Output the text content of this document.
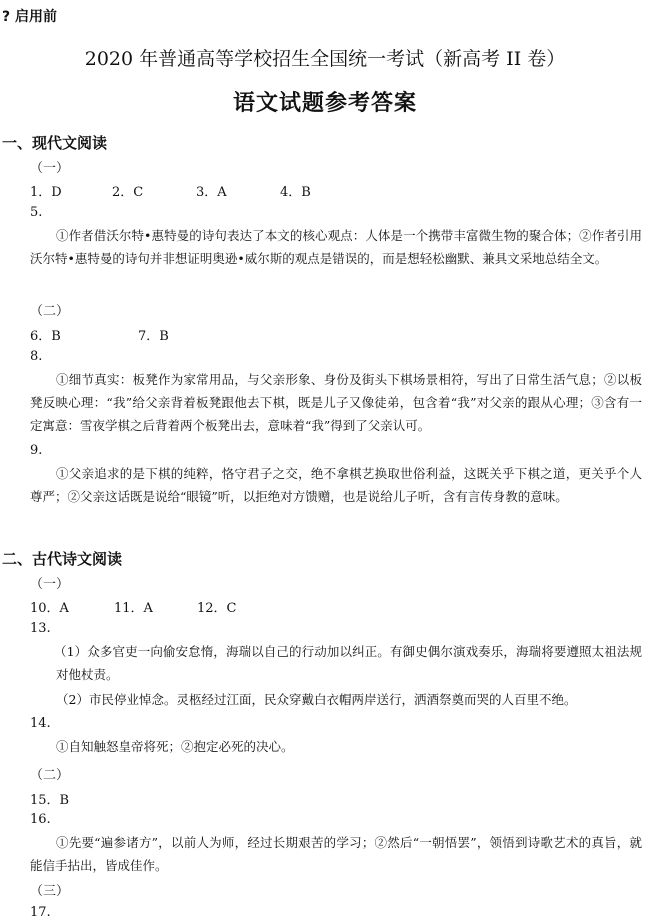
? 启用前
2020 年普通高等学校招生全国统一考试（新高考 II 卷）
语文试题参考答案
一、现代文阅读
（一）
1．D	2．C	3．A	4．B
5.
①作者借沃尔特•惠特曼的诗句表达了本文的核心观点：人体是一个携带丰富微生物的聚合体；②作者引用沃尔特•惠特曼的诗句并非想证明奥逊•威尔斯的观点是错误的，而是想轻松幽默、兼具文采地总结全文。
（二）
6．B	7．B
8.
①细节真实：板凳作为家常用品，与父亲形象、身份及街头下棋场景相符，写出了日常生活气息；②以板凳反映心理：“我”给父亲背着板凳跟他去下棋，既是儿子又像徒弟，包含着“我”对父亲的跟从心理；③含有一定寓意：雪夜学棋之后背着两个板凳出去，意味着“我”得到了父亲认可。
9.
①父亲追求的是下棋的纯粹，恪守君子之交，绝不拿棋艺换取世俗利益，这既关乎下棋之道，更关乎个人尊严；②父亲这话既是说给“眼镜”听，以拒绝对方馈赠，也是说给儿子听，含有言传身教的意味。
二、古代诗文阅读
（一）
10．A	11．A	12．C
13.
（1）众多官吏一向偷安怠惰，海瑞以自己的行动加以纠正。有御史偶尔演戏奏乐，海瑞将要遵照太祖法规对他杖责。
（2）市民停业悼念。灵柩经过江面，民众穿戴白衣帽两岸送行，洒酒祭奠而哭的人百里不绝。
14.
①自知触怒皇帝将死；②抱定必死的决心。
（二）
15．B
16.
①先要“遍参诸方”，以前人为师，经过长期艰苦的学习；②然后“一朝悟罢”，领悟到诗歌艺术的真旨，就能信手拈出，皆成佳作。
（三）
17.
